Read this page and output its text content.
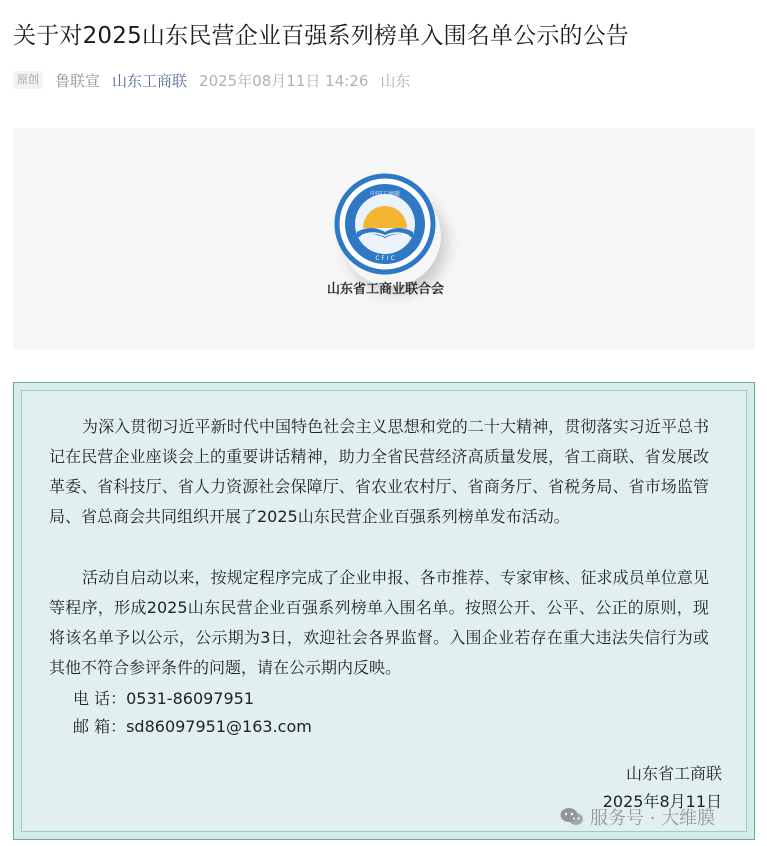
关于对2025山东民营企业百强系列榜单入围名单公示的公告
原创 鲁联宣 山东工商联 2025年08月11日 14:26 山东
中国工商联
C F I C
山东省工商业联合会
为深入贯彻习近平新时代中国特色社会主义思想和党的二十大精神，贯彻落实习近平总书记在民营企业座谈会上的重要讲话精神，助力全省民营经济高质量发展，省工商联、省发展改革委、省科技厅、省人力资源社会保障厅、省农业农村厅、省商务厅、省税务局、省市场监管局、省总商会共同组织开展了2025山东民营企业百强系列榜单发布活动。
活动自启动以来，按规定程序完成了企业申报、各市推荐、专家审核、征求成员单位意见等程序，形成2025山东民营企业百强系列榜单入围名单。按照公开、公平、公正的原则，现将该名单予以公示，公示期为3日，欢迎社会各界监督。入围企业若存在重大违法失信行为或其他不符合参评条件的问题，请在公示期内反映。
电 话：0531-86097951
邮 箱：sd86097951@163.com
山东省工商联
2025年8月11日
服务号 · 大维膜
